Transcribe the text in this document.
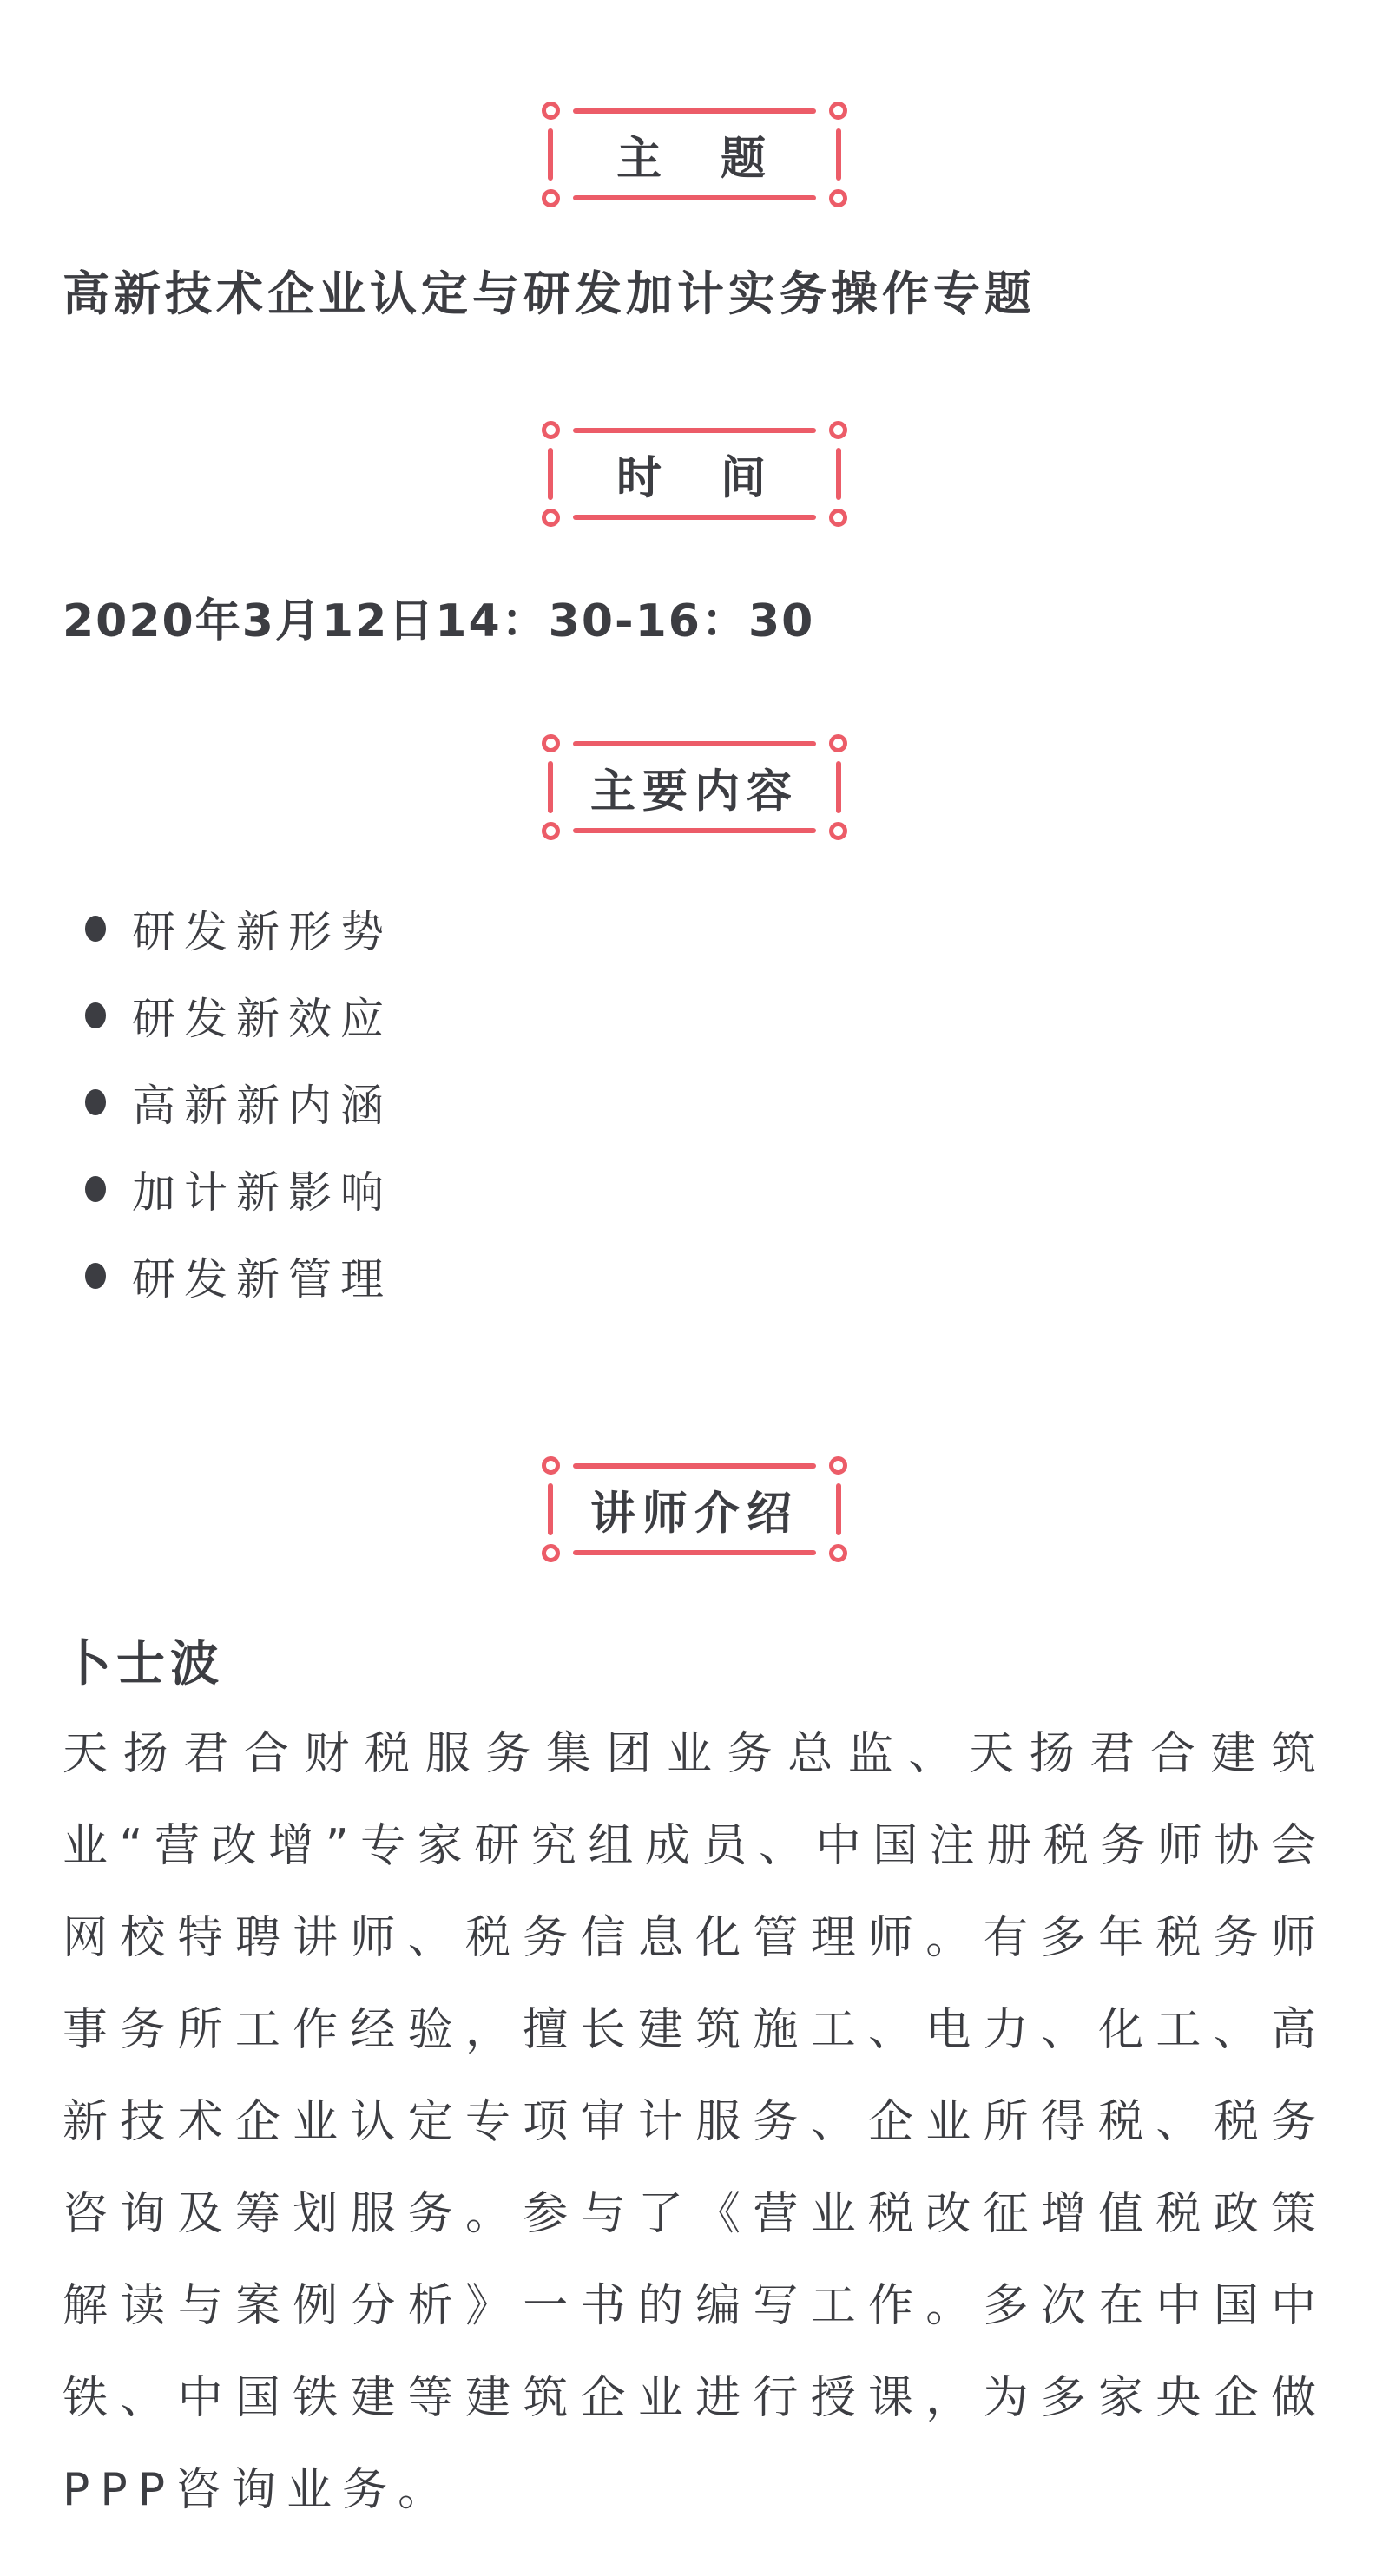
主　题
高新技术企业认定与研发加计实务操作专题
时　间

2020年3月12日14：30-16：30

主要内容
研发新形势
研发新效应
高新新内涵
加计新影响
研发新管理
讲师介绍
卜士波

天扬君合财税服务集团业务总监、天扬君合建筑业“营改增”专家研究组成员、中国注册税务师协会网校特聘讲师、税务信息化管理师。有多年税务师事务所工作经验，擅长建筑施工、电力、化工、高新技术企业认定专项审计服务、企业所得税、税务咨询及筹划服务。参与了《营业税改征增值税政策解读与案例分析》一书的编写工作。多次在中国中铁、中国铁建等建筑企业进行授课，为多家央企做PPP咨询业务。
